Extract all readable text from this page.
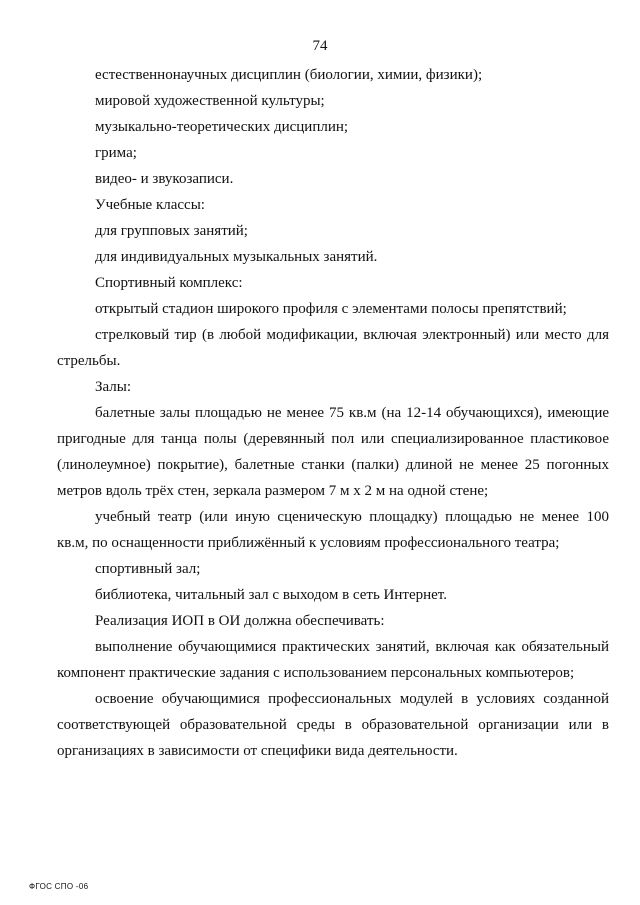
74

естественнонаучных дисциплин (биологии, химии, физики);

мировой художественной культуры;

музыкально-теоретических дисциплин;

грима;

видео- и звукозаписи.

Учебные классы:

для групповых занятий;

для индивидуальных музыкальных занятий.

Спортивный комплекс:

открытый стадион широкого профиля с элементами полосы препятствий;

стрелковый тир (в любой модификации, включая электронный) или место для стрельбы.

Залы:

балетные залы площадью не менее 75 кв.м (на 12-14 обучающихся), имеющие пригодные для танца полы (деревянный пол или специализированное пластиковое (линолеумное) покрытие), балетные станки (палки) длиной не менее 25 погонных метров вдоль трёх стен, зеркала размером 7 м х 2 м на одной стене;

учебный театр (или иную сценическую площадку) площадью не менее 100 кв.м, по оснащенности приближённый к условиям профессионального театра;

спортивный зал;

библиотека, читальный зал с выходом в сеть Интернет.

Реализация ИОП в ОИ должна обеспечивать:

выполнение обучающимися практических занятий, включая как обязательный компонент практические задания с использованием персональных компьютеров;

освоение обучающимися профессиональных модулей в условиях созданной соответствующей образовательной среды в образовательной организации или в организациях в зависимости от специфики вида деятельности.

ФГОС СПО -06
